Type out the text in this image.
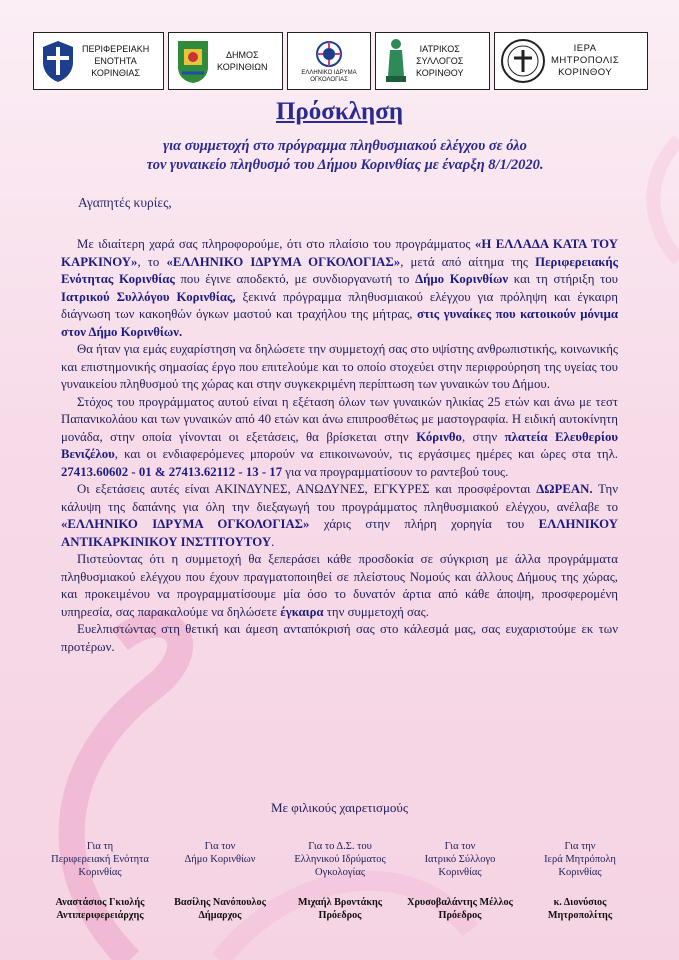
ΠΕΡΙΦΕΡΕΙΑΚΗ
ΕΝΟΤΗΤΑ
ΚΟΡΙΝΘΙΑΣ
ΔΗΜΟΣ
ΚΟΡΙΝΘΙΩΝ
ΕΛΛΗΝΙΚΟ ΙΔΡΥΜΑ
ΟΓΚΟΛΟΓΙΑΣ
ΙΑΤΡΙΚΟΣ
ΣΥΛΛΟΓΟΣ
ΚΟΡΙΝΘΟΥ
ΙΕΡΑ
ΜΗΤΡΟΠΟΛΙΣ
ΚΟΡΙΝΘΟΥ
Πρόσκληση
για συμμετοχή στο πρόγραμμα πληθυσμιακού ελέγχου σε όλο
τον γυναικείο πληθυσμό του Δήμου Κορινθίας με έναρξη 8/1/2020.
Αγαπητές κυρίες,

Με ιδιαίτερη χαρά σας πληροφορούμε, ότι στο πλαίσιο του προγράμματος «Η ΕΛΛΑΔΑ ΚΑΤΑ ΤΟΥ ΚΑΡΚΙΝΟΥ», το «ΕΛΛΗΝΙΚΟ ΙΔΡΥΜΑ ΟΓΚΟΛΟΓΙΑΣ», μετά από αίτημα της Περιφερειακής Ενότητας Κορινθίας που έγινε αποδεκτό, με συνδιοργανωτή το Δήμο Κορινθίων και τη στήριξη του Ιατρικού Συλλόγου Κορινθίας, ξεκινά πρόγραμμα πληθυσμιακού ελέγχου για πρόληψη και έγκαιρη διάγνωση των κακοηθών όγκων μαστού και τραχήλου της μήτρας, στις γυναίκες που κατοικούν μόνιμα στον Δήμο Κορινθίων.

Θα ήταν για εμάς ευχαρίστηση να δηλώσετε την συμμετοχή σας στο υψίστης ανθρωπιστικής, κοινωνικής και επιστημονικής σημασίας έργο που επιτελούμε και το οποίο στοχεύει στην περιφρούρηση της υγείας του γυναικείου πληθυσμού της χώρας και στην συγκεκριμένη περίπτωση των γυναικών του Δήμου.

Στόχος του προγράμματος αυτού είναι η εξέταση όλων των γυναικών ηλικίας 25 ετών και άνω με τεστ Παπανικολάου και των γυναικών από 40 ετών και άνω επιπροσθέτως με μαστογραφία. Η ειδική αυτοκίνητη μονάδα, στην οποία γίνονται οι εξετάσεις, θα βρίσκεται στην Κόρινθο, στην πλατεία Ελευθερίου Βενιζέλου, και οι ενδιαφερόμενες μπορούν να επικοινωνούν, τις εργάσιμες ημέρες και ώρες στα τηλ. 27413.60602 - 01 & 27413.62112 - 13 - 17 για να προγραμματίσουν το ραντεβού τους.

Οι εξετάσεις αυτές είναι ΑΚΙΝΔΥΝΕΣ, ΑΝΩΔΥΝΕΣ, ΕΓΚΥΡΕΣ και προσφέρονται ΔΩΡΕΑΝ. Την κάλυψη της δαπάνης για όλη την διεξαγωγή του προγράμματος πληθυσμιακού ελέγχου, ανέλαβε το «ΕΛΛΗΝΙΚΟ ΙΔΡΥΜΑ ΟΓΚΟΛΟΓΙΑΣ» χάρις στην πλήρη χορηγία του ΕΛΛΗΝΙΚΟΥ ΑΝΤΙΚΑΡΚΙΝΙΚΟΥ ΙΝΣΤΙΤΟΥΤΟΥ.

Πιστεύοντας ότι η συμμετοχή θα ξεπεράσει κάθε προσδοκία σε σύγκριση με άλλα προγράμματα πληθυσμιακού ελέγχου που έχουν πραγματοποιηθεί σε πλείστους Νομούς και άλλους Δήμους της χώρας, και προκειμένου να προγραμματίσουμε μία όσο το δυνατόν άρτια από κάθε άποψη, προσφερομένη υπηρεσία, σας παρακαλούμε να δηλώσετε έγκαιρα την συμμετοχή σας.

Ευελπιστώντας στη θετική και άμεση ανταπόκρισή σας στο κάλεσμά μας, σας ευχαριστούμε εκ των προτέρων.

Με φιλικούς χαιρετισμούς
Για τη
Περιφερειακή Ενότητα
Κορινθίας
Για τον
Δήμο Κορινθίων
Για το Δ.Σ. του
Ελληνικού Ιδρύματος
Ογκολογίας
Για τον
Ιατρικό Σύλλογο
Κορινθίας
Για την
Ιερά Μητρόπολη
Κορινθίας
Αναστάσιος Γκιολής
Αντιπεριφερειάρχης
Βασίλης Νανόπουλος
Δήμαρχος
Μιχαήλ Βροντάκης
Πρόεδρος
Χρυσοβαλάντης Μέλλος
Πρόεδρος
κ. Διονύσιος
Μητροπολίτης
